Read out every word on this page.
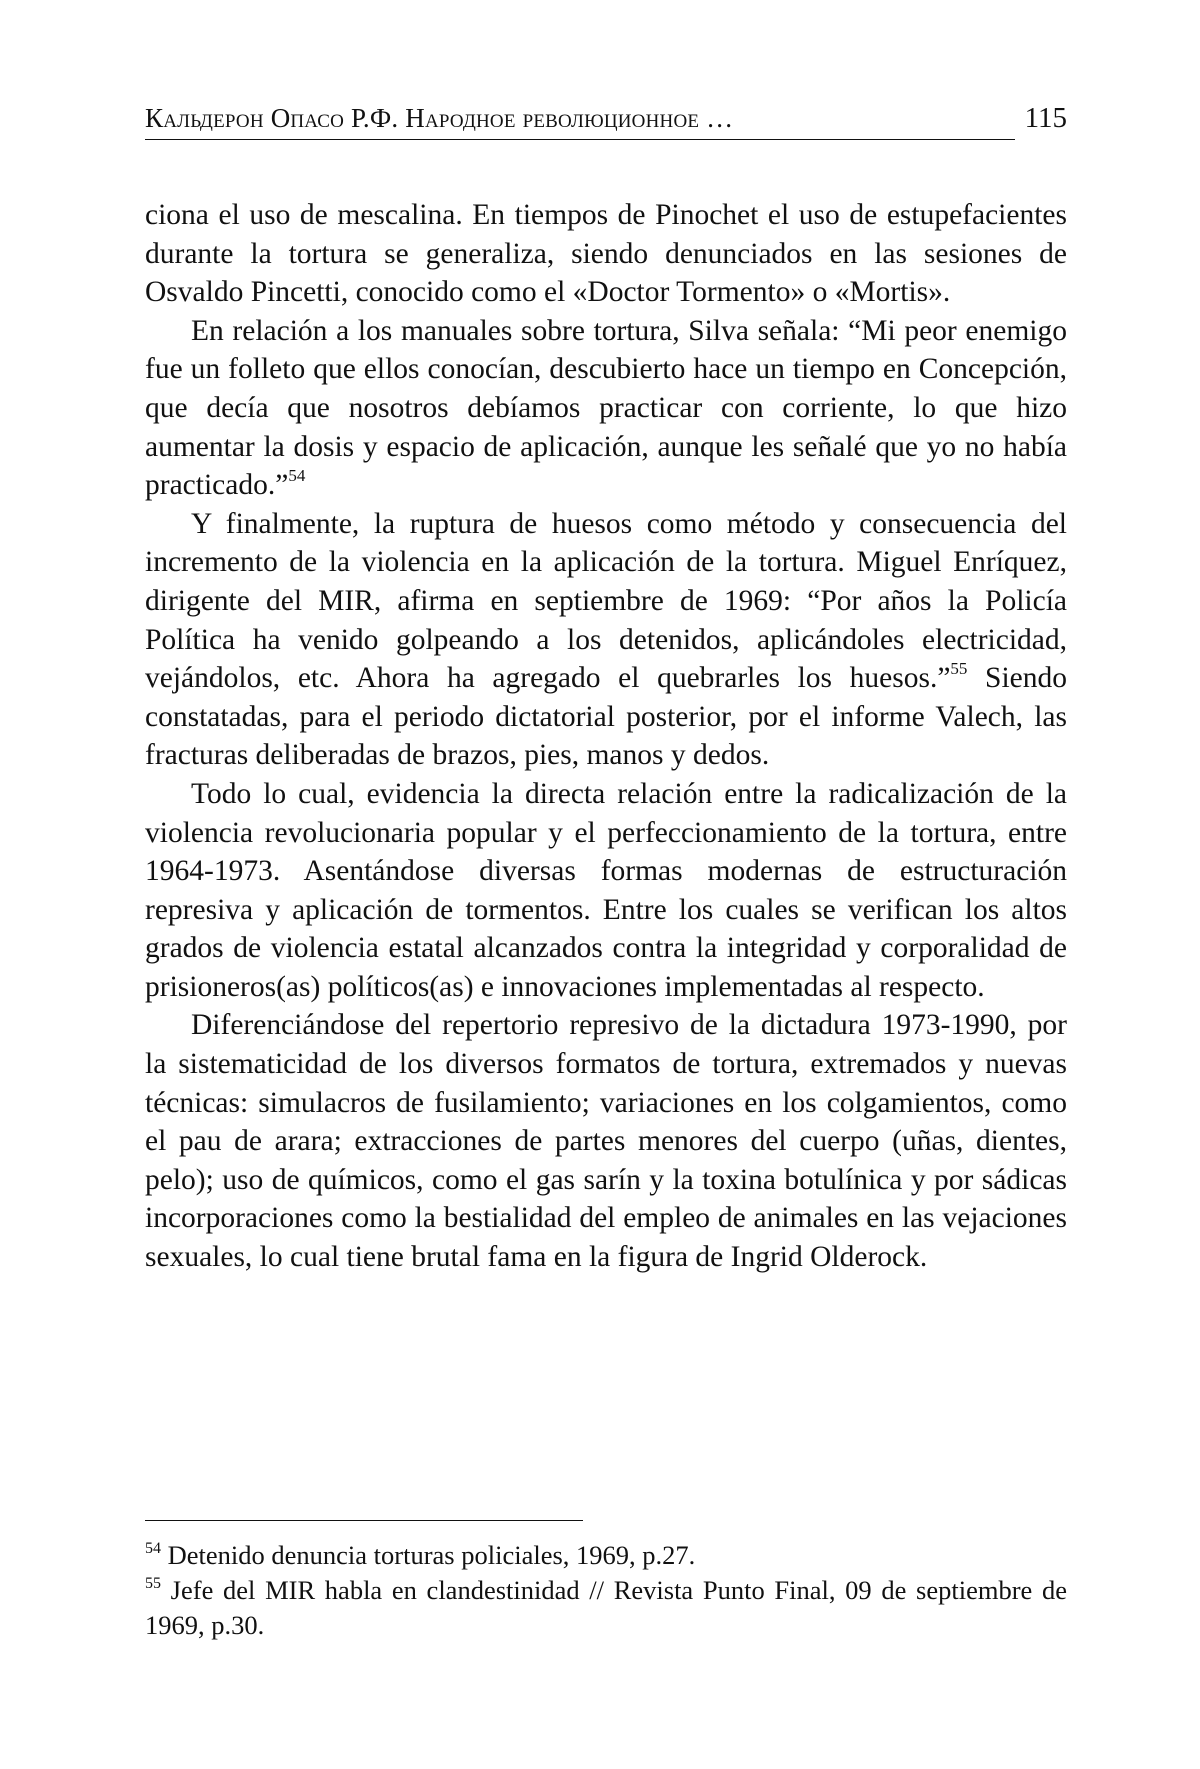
Кальдерон Опасо Р.Ф. Народное революционное …	115

ciona el uso de mescalina. En tiempos de Pinochet el uso de estupefacientes durante la tortura se generaliza, siendo denunciados en las sesiones de Osvaldo Pincetti, conocido como el «Doctor Tormento» o «Mortis».

En relación a los manuales sobre tortura, Silva señala: “Mi peor enemigo fue un folleto que ellos conocían, descubierto hace un tiempo en Concepción, que decía que nosotros debíamos practicar con corriente, lo que hizo aumentar la dosis y espacio de aplicación, aunque les señalé que yo no había practicado.”$^{54}$

Y finalmente, la ruptura de huesos como método y consecuencia del incremento de la violencia en la aplicación de la tortura. Miguel Enríquez, dirigente del MIR, afirma en septiembre de 1969: “Por años la Policía Política ha venido golpeando a los detenidos, aplicándoles electricidad, vejándolos, etc. Ahora ha agregado el quebrarles los huesos.”$^{55}$ Siendo constatadas, para el periodo dictatorial posterior, por el informe Valech, las fracturas deliberadas de brazos, pies, manos y dedos.

Todo lo cual, evidencia la directa relación entre la radicalización de la violencia revolucionaria popular y el perfeccionamiento de la tortura, entre 1964-1973. Asentándose diversas formas modernas de estructuración represiva y aplicación de tormentos. Entre los cuales se verifican los altos grados de violencia estatal alcanzados contra la integridad y corporalidad de prisioneros(as) políticos(as) e innovaciones implementadas al respecto.

Diferenciándose del repertorio represivo de la dictadura 1973-1990, por la sistematicidad de los diversos formatos de tortura, extremados y nuevas técnicas: simulacros de fusilamiento; variaciones en los colgamientos, como el pau de arara; extracciones de partes menores del cuerpo (uñas, dientes, pelo); uso de químicos, como el gas sarín y la toxina botulínica y por sádicas incorporaciones como la bestialidad del empleo de animales en las vejaciones sexuales, lo cual tiene brutal fama en la figura de Ingrid Olderock.

$^{54}$ Detenido denuncia torturas policiales, 1969, p.27.

$^{55}$ Jefe del MIR habla en clandestinidad // Revista Punto Final, 09 de septiembre de 1969, p.30.
